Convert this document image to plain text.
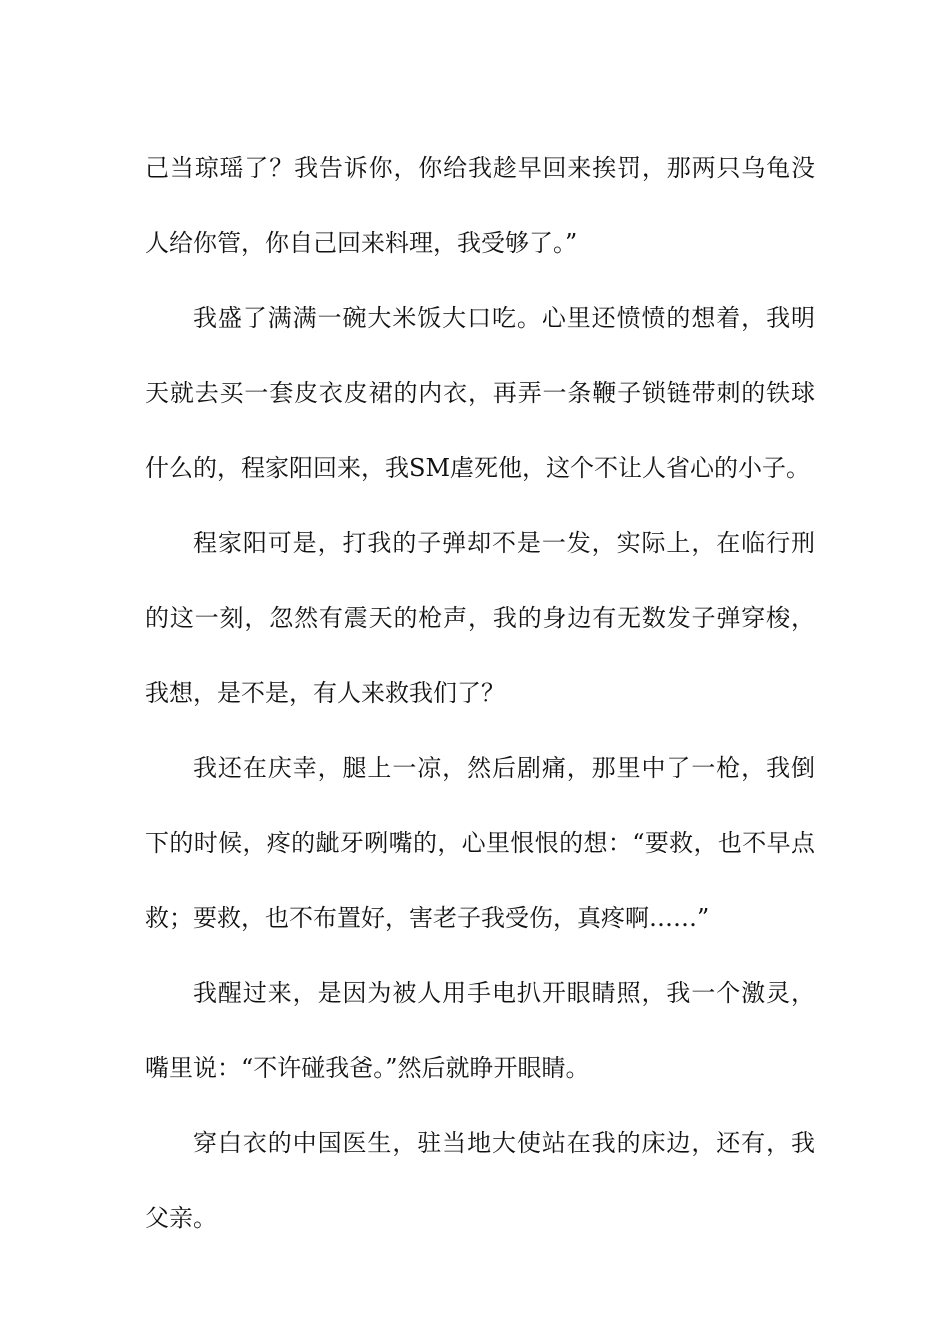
己当琼瑶了？我告诉你，你给我趁早回来挨罚，那两只乌龟没人给你管，你自己回来料理，我受够了。”

我盛了满满一碗大米饭大口吃。心里还愤愤的想着，我明天就去买一套皮衣皮裙的内衣，再弄一条鞭子锁链带刺的铁球什么的，程家阳回来，我SM虐死他，这个不让人省心的小子。

程家阳可是，打我的子弹却不是一发，实际上，在临行刑的这一刻，忽然有震天的枪声，我的身边有无数发子弹穿梭，我想，是不是，有人来救我们了？

我还在庆幸，腿上一凉，然后剧痛，那里中了一枪，我倒下的时候，疼的龇牙咧嘴的，心里恨恨的想：“要救，也不早点救；要救，也不布置好，害老子我受伤，真疼啊……”

我醒过来，是因为被人用手电扒开眼睛照，我一个激灵，嘴里说：“不许碰我爸。”然后就睁开眼睛。

穿白衣的中国医生，驻当地大使站在我的床边，还有，我父亲。
